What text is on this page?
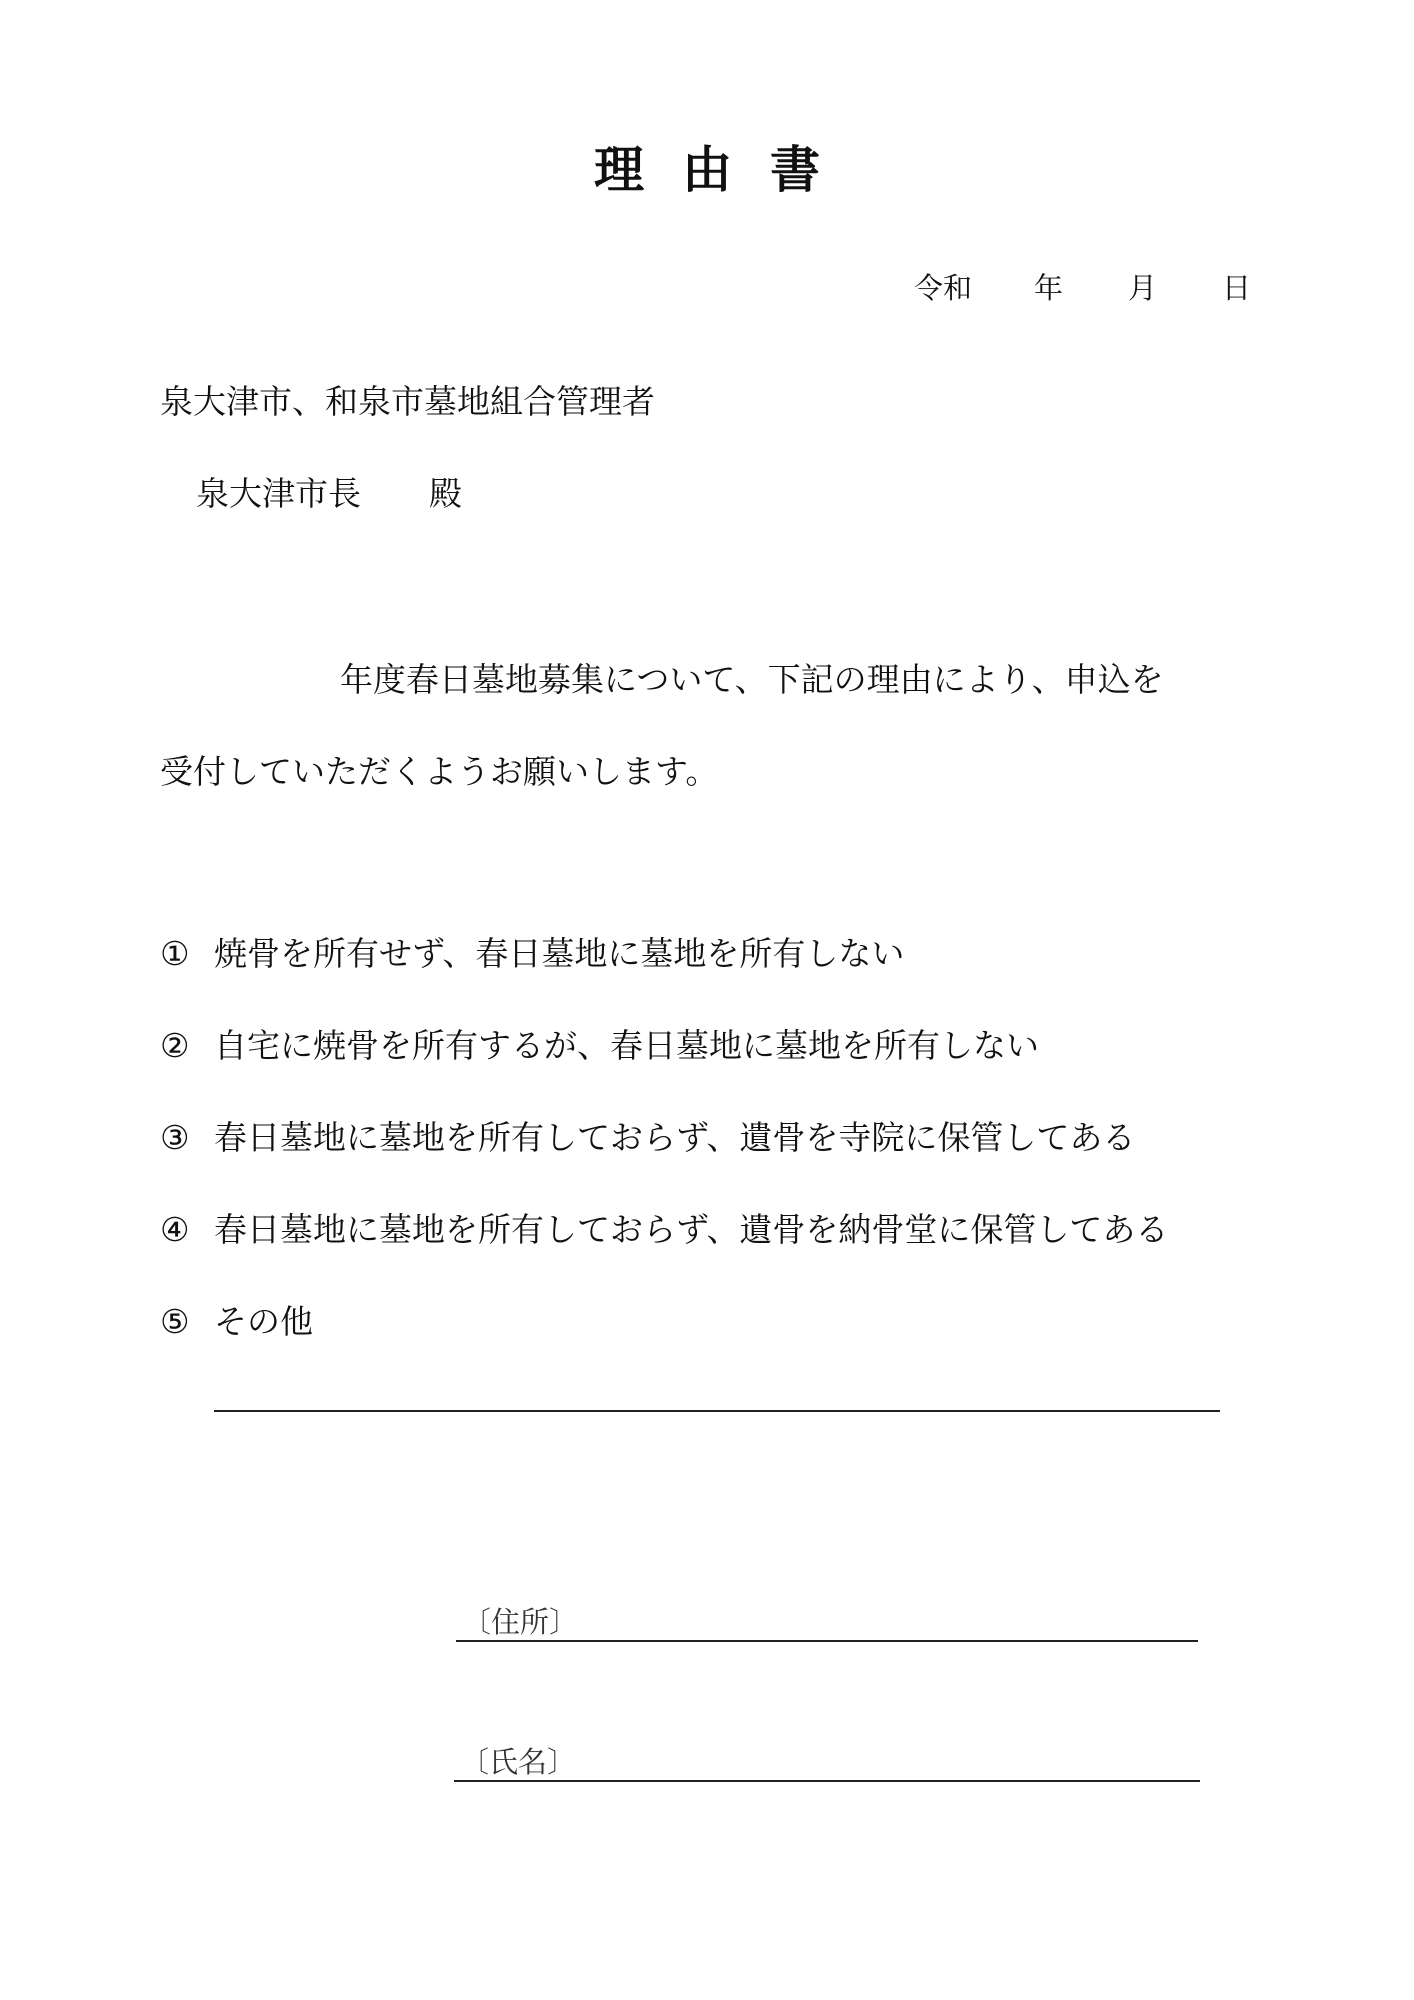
理由書
令和 年 月 日
泉大津市、和泉市墓地組合管理者
泉大津市長 殿
年度春日墓地募集について、下記の理由により、申込を
受付していただくようお願いします。
① 焼骨を所有せず、春日墓地に墓地を所有しない
② 自宅に焼骨を所有するが、春日墓地に墓地を所有しない
③ 春日墓地に墓地を所有しておらず、遺骨を寺院に保管してある
④ 春日墓地に墓地を所有しておらず、遺骨を納骨堂に保管してある
⑤ その他
〔住所〕
〔氏名〕
